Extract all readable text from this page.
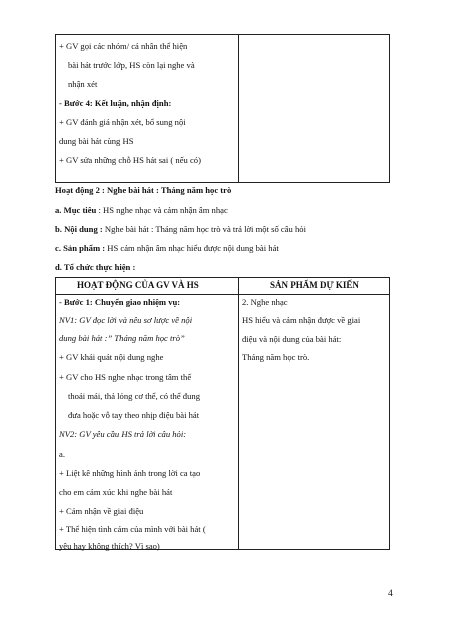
+ GV gọi các nhóm/ cá nhân thể hiện
bài hát trước lớp, HS còn lại nghe và
nhận xét
- Bước 4: Kết luận, nhận định:
+ GV đánh giá nhận xét, bổ sung nội
dung bài hát cùng HS
+ GV sửa những chỗ HS hát sai ( nếu có)
Hoạt động 2 : Nghe bài hát : Tháng năm học trò
a. Mục tiêu : HS nghe nhạc và cảm nhận âm nhạc
b. Nội dung : Nghe bài hát : Tháng năm học trò và trả lời một số câu hỏi
c. Sản phẩm : HS cảm nhận âm nhạc hiểu được nội dung bài hát
d. Tổ chức thực hiện :
HOẠT ĐỘNG CỦA GV VÀ HS	SẢN PHẨM DỰ KIẾN
- Bước 1: Chuyển giao nhiệm vụ:
NV1: GV đọc lời và nêu sơ lược về nội
dung bài hát :” Tháng năm học trò”
+ GV khái quát nội dung nghe
+ GV cho HS nghe nhạc trong tâm thế
thoải mái, thả lỏng cơ thể, có thể đung
đưa hoặc vỗ tay theo nhịp điệu bài hát
NV2: GV yêu cầu HS trả lời câu hỏi:
a.
+ Liệt kê những hình ảnh trong lời ca tạo
cho em cảm xúc khi nghe bài hát
+ Cảm nhận về giai điệu
+ Thể hiện tình cảm của mình với bài hát (
yêu hay không thích? Vì sao)
2. Nghe nhạc
HS hiểu và cảm nhận được về giai
điệu và nội dung của bài hát:
Tháng năm học trò.
4
